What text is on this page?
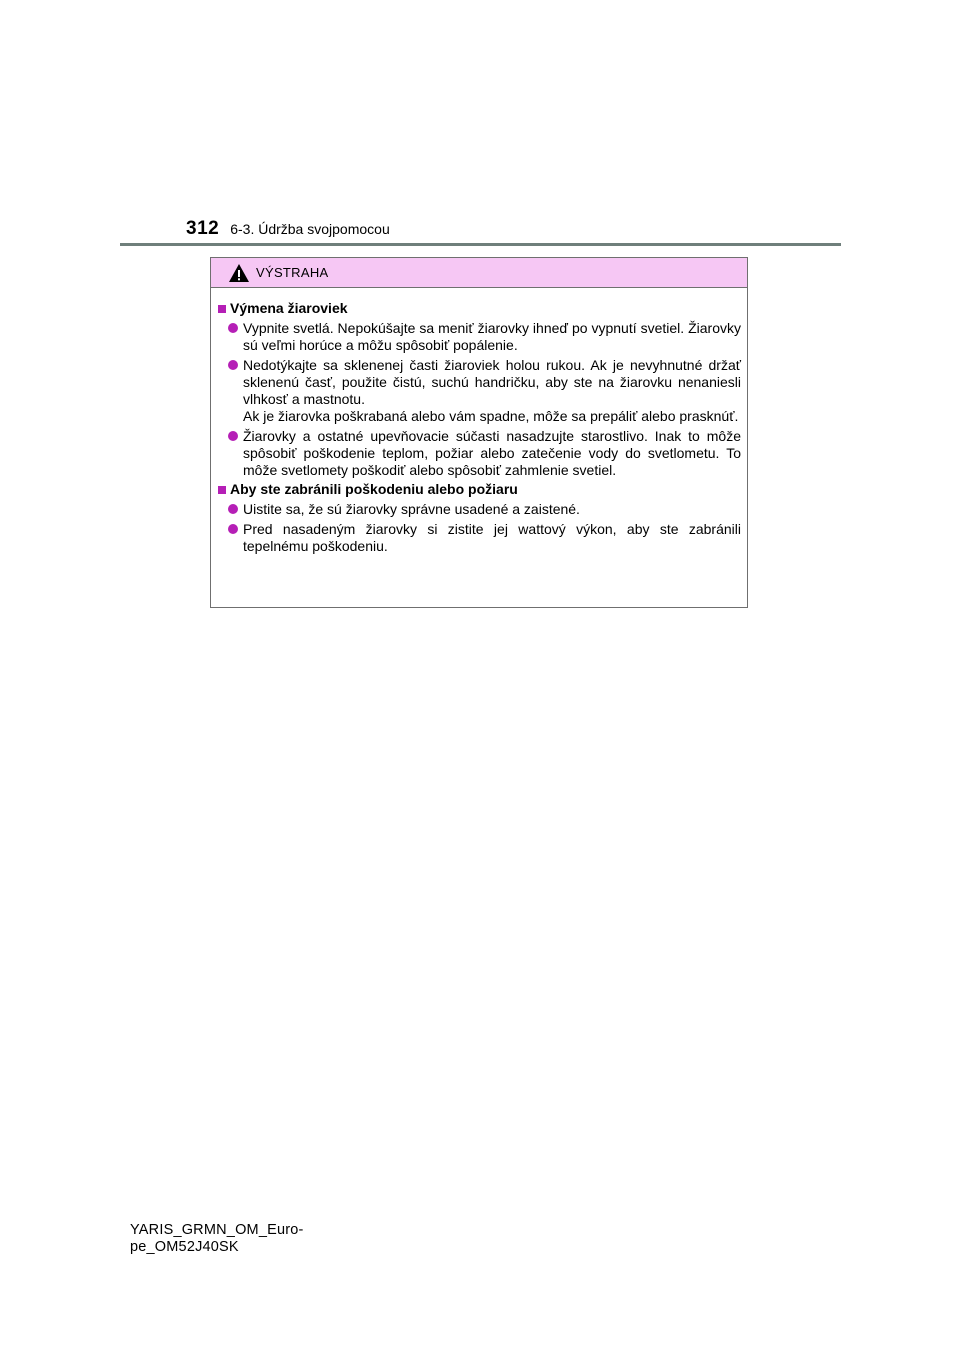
312 6-3. Údržba svojpomocou
VÝSTRAHA
Výmena žiaroviek
Vypnite svetlá. Nepokúšajte sa meniť žiarovky ihneď po vypnutí svetiel. Žiarovky sú veľmi horúce a môžu spôsobiť popálenie.
Nedotýkajte sa sklenenej časti žiaroviek holou rukou. Ak je nevyhnutné držať sklenenú časť, použite čistú, suchú handričku, aby ste na žiarovku nenaniesli vlhkosť a mastnotu.
Ak je žiarovka poškrabaná alebo vám spadne, môže sa prepáliť alebo prasknúť.
Žiarovky a ostatné upevňovacie súčasti nasadzujte starostlivo. Inak to môže spôsobiť poškodenie teplom, požiar alebo zatečenie vody do svetlometu. To môže svetlomety poškodiť alebo spôsobiť zahmlenie svetiel.
Aby ste zabránili poškodeniu alebo požiaru
Uistite sa, že sú žiarovky správne usadené a zaistené.
Pred nasadeným žiarovky si zistite jej wattový výkon, aby ste zabránili tepelnému poškodeniu.
YARIS_GRMN_OM_Euro-
pe_OM52J40SK
